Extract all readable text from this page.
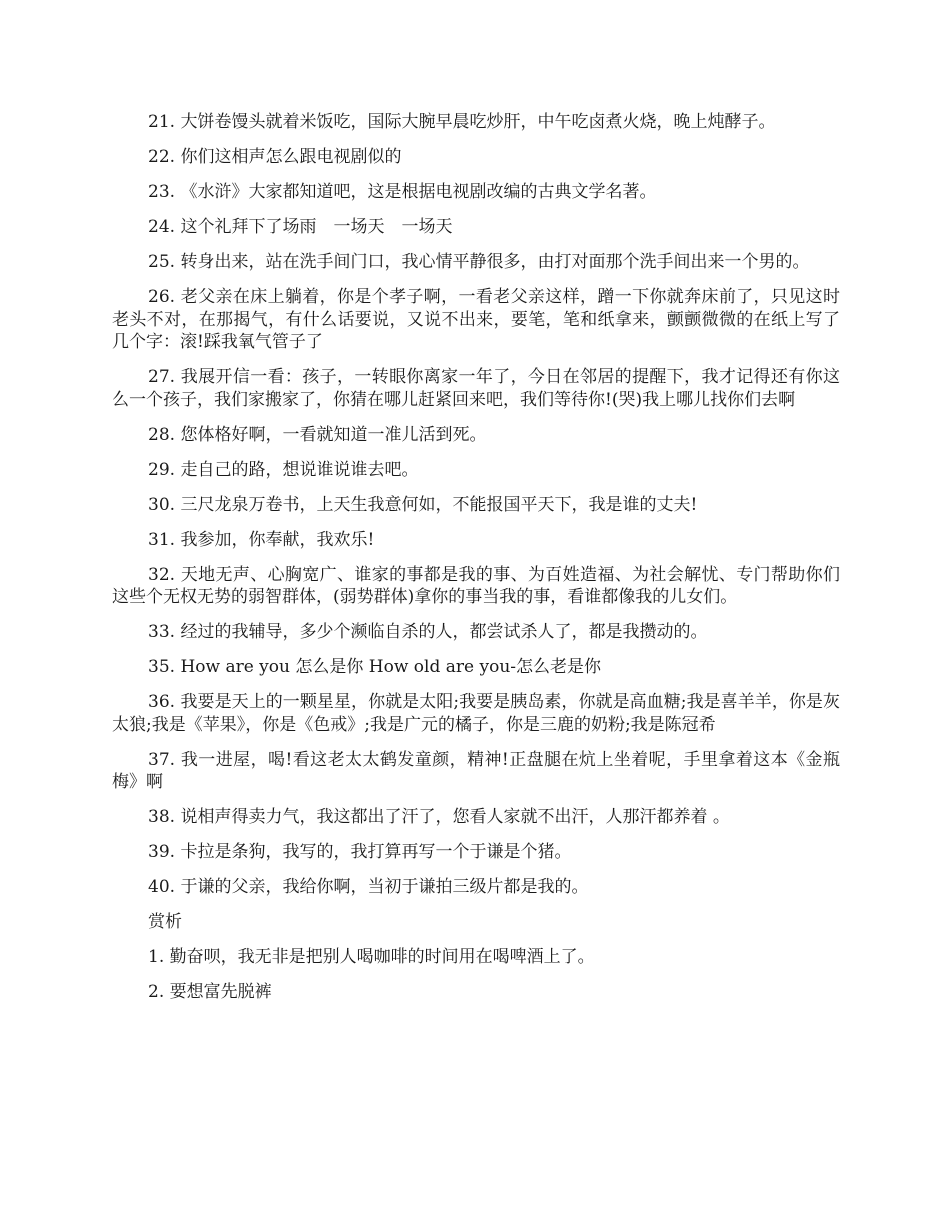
21. 大饼卷馒头就着米饭吃，国际大腕早晨吃炒肝，中午吃卤煮火烧，晚上炖酵子。

22. 你们这相声怎么跟电视剧似的

23. 《水浒》大家都知道吧，这是根据电视剧改编的古典文学名著。

24. 这个礼拜下了场雨　一场天　一场天

25. 转身出来，站在洗手间门口，我心情平静很多，由打对面那个洗手间出来一个男的。

26. 老父亲在床上躺着，你是个孝子啊，一看老父亲这样，蹭一下你就奔床前了，只见这时老头不对，在那揭气，有什么话要说，又说不出来，要笔，笔和纸拿来，颤颤微微的在纸上写了几个字：滚!踩我氧气管子了

27. 我展开信一看：孩子，一转眼你离家一年了，今日在邻居的提醒下，我才记得还有你这么一个孩子，我们家搬家了，你猜在哪儿赶紧回来吧，我们等待你!(哭)我上哪儿找你们去啊

28. 您体格好啊，一看就知道一准儿活到死。

29. 走自己的路，想说谁说谁去吧。

30. 三尺龙泉万卷书，上天生我意何如，不能报国平天下，我是谁的丈夫!

31. 我参加，你奉献，我欢乐!

32. 天地无声、心胸宽广、谁家的事都是我的事、为百姓造福、为社会解忧、专门帮助你们这些个无权无势的弱智群体，(弱势群体)拿你的事当我的事，看谁都像我的儿女们。

33. 经过的我辅导，多少个濒临自杀的人，都尝试杀人了，都是我攒动的。

35. How are you 怎么是你 How old are you-怎么老是你

36. 我要是天上的一颗星星，你就是太阳;我要是胰岛素，你就是高血糖;我是喜羊羊，你是灰太狼;我是《苹果》，你是《色戒》;我是广元的橘子，你是三鹿的奶粉;我是陈冠希

37. 我一进屋，喝!看这老太太鹤发童颜，精神!正盘腿在炕上坐着呢，手里拿着这本《金瓶梅》啊

38. 说相声得卖力气，我这都出了汗了，您看人家就不出汗，人那汗都养着 。

39. 卡拉是条狗，我写的，我打算再写一个于谦是个猪。

40. 于谦的父亲，我给你啊，当初于谦拍三级片都是我的。

赏析

1. 勤奋呗，我无非是把别人喝咖啡的时间用在喝啤酒上了。

2. 要想富先脱裤
